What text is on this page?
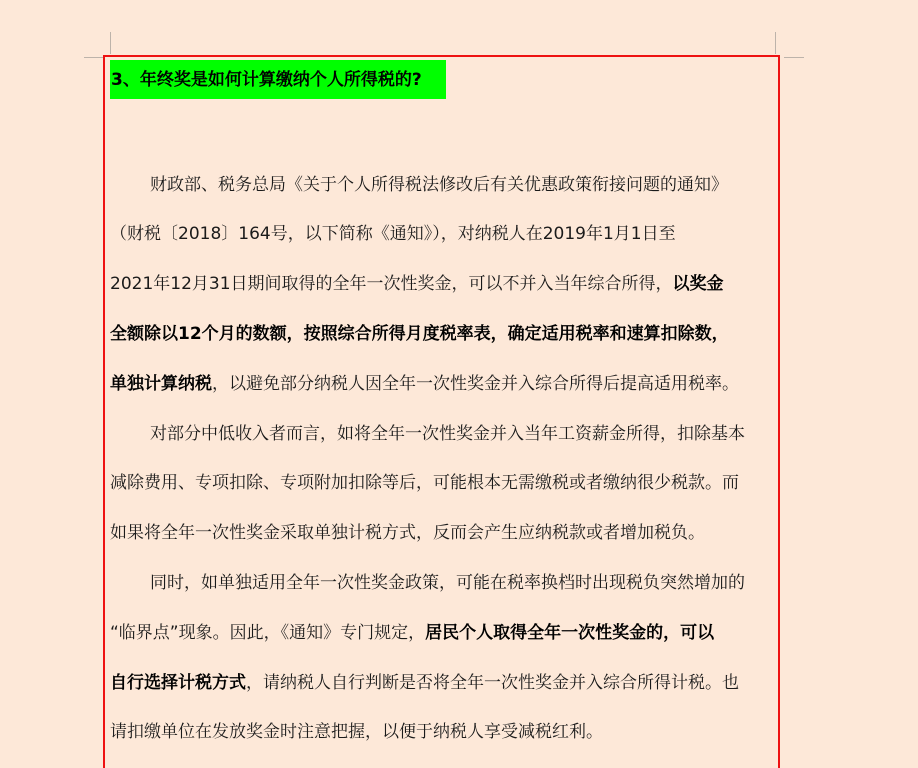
3、年终奖是如何计算缴纳个人所得税的?
财政部、税务总局《关于个人所得税法修改后有关优惠政策衔接问题的通知》
（财税〔2018〕164号，以下简称《通知》），对纳税人在2019年1月1日至
2021年12月31日期间取得的全年一次性奖金，可以不并入当年综合所得，以奖金
全额除以12个月的数额，按照综合所得月度税率表，确定适用税率和速算扣除数，
单独计算纳税，以避免部分纳税人因全年一次性奖金并入综合所得后提高适用税率。
对部分中低收入者而言，如将全年一次性奖金并入当年工资薪金所得，扣除基本
减除费用、专项扣除、专项附加扣除等后，可能根本无需缴税或者缴纳很少税款。而
如果将全年一次性奖金采取单独计税方式，反而会产生应纳税款或者增加税负。
同时，如单独适用全年一次性奖金政策，可能在税率换档时出现税负突然增加的
“临界点”现象。因此，《通知》专门规定，居民个人取得全年一次性奖金的，可以
自行选择计税方式，请纳税人自行判断是否将全年一次性奖金并入综合所得计税。也
请扣缴单位在发放奖金时注意把握，以便于纳税人享受减税红利。
